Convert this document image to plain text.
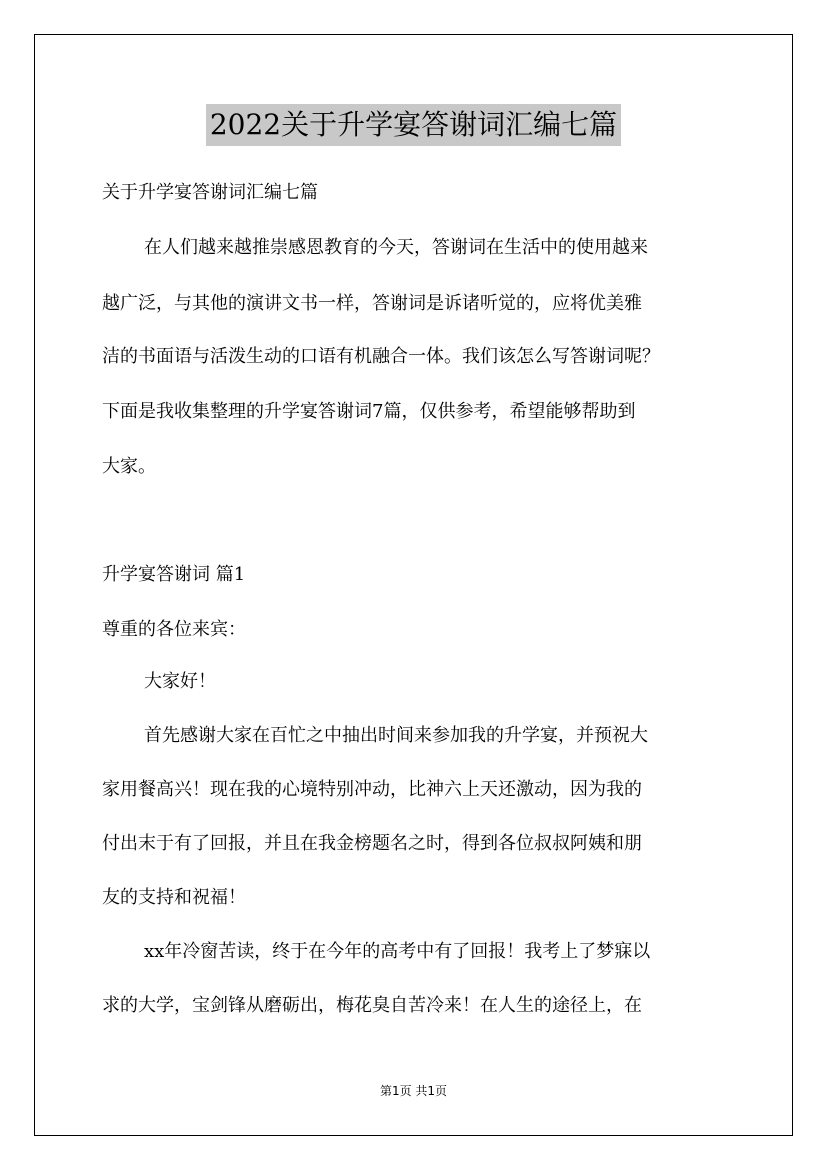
2022关于升学宴答谢词汇编七篇
关于升学宴答谢词汇编七篇
在人们越来越推崇感恩教育的今天，答谢词在生活中的使用越来
越广泛，与其他的演讲文书一样，答谢词是诉诸听觉的，应将优美雅
洁的书面语与活泼生动的口语有机融合一体。我们该怎么写答谢词呢？
下面是我收集整理的升学宴答谢词7篇，仅供参考，希望能够帮助到
大家。
升学宴答谢词 篇1
尊重的各位来宾：
大家好！
首先感谢大家在百忙之中抽出时间来参加我的升学宴，并预祝大
家用餐高兴！现在我的心境特别冲动，比神六上天还激动，因为我的
付出末于有了回报，并且在我金榜题名之时，得到各位叔叔阿姨和朋
友的支持和祝福！
xx年冷窗苦读，终于在今年的高考中有了回报！我考上了梦寐以
求的大学，宝剑锋从磨砺出，梅花臭自苦冷来！在人生的途径上，在
第1页 共1页
